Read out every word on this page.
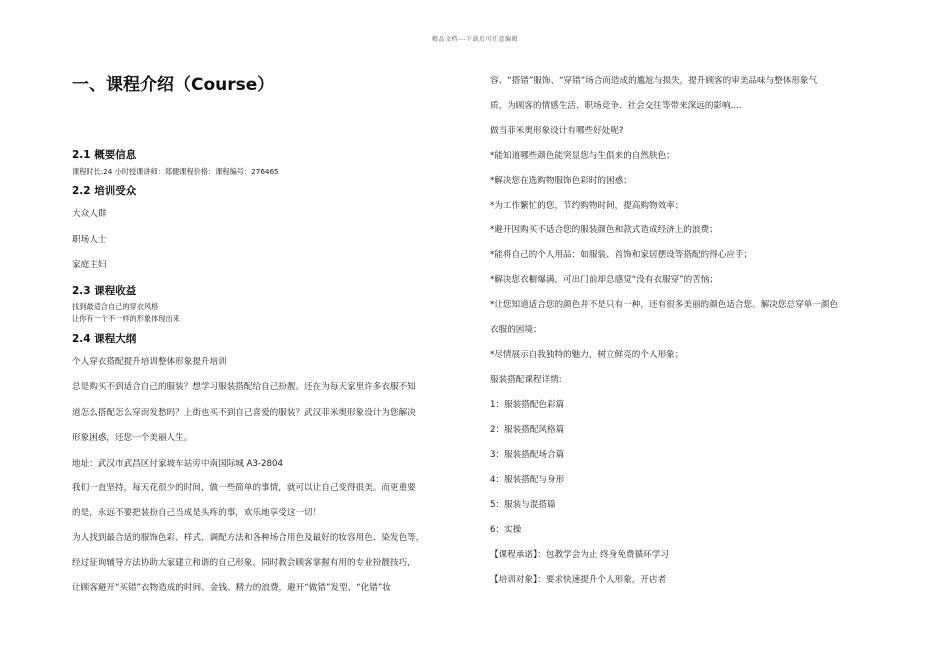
精品文档---下载后可任意编辑
一、课程介绍（Course）
2.1 概要信息
课程时长:24 小时授课讲师：郑健课程价格：课程编号：276465
2.2 培训受众
大众人群
职场人士
家庭主妇
2.3 课程收益
找到最适合自己的穿衣风格
让你有一个不一样的形象体现出来
2.4 课程大纲
个人穿衣搭配提升培训整体形象提升培训
总是购买不到适合自己的服装？想学习服装搭配给自己扮靓。还在为每天家里许多衣服不知
道怎么搭配怎么穿而发愁吗？上街也买不到自己喜爱的服装？武汉菲米奥形象设计为您解决
形象困惑，还您一个美丽人生。
地址：武汉市武昌区付家坡车站旁中南国际城 A3-2804
我们一直坚持，每天花很少的时间，做一些简单的事情，就可以让自己变得很美。而更重要
的是，永远不要把装扮自己当成是头疼的事，欢乐地享受这一切！
为人找到最合适的服饰色彩、样式、调配方法和各种场合用色及最好的妆容用色、染发色等，
经过征询辅导方法协助大家建立和谐的自己形象。同时教会顾客掌握有用的专业扮靓技巧，
让顾客避开“买错”衣物造成的时间、金钱、精力的浪费，避开“做错”发型、“化错”妆
容、“搭错”服饰、“穿错”场合而造成的尴尬与损失，提升顾客的审美品味与整体形象气
质，为顾客的情感生活、职场竞争、社会交往等带来深远的影响....
做当菲米奥形象设计有哪些好处呢?
*能知道哪些颜色能突显您与生俱来的自然肤色；
*解决您在选购物服饰色彩时的困惑；
*为工作繁忙的您，节约购物时间，提高购物效率；
*避开因购买不适合您的服装颜色和款式造成经济上的浪费；
*能将自己的个人用品：如服装、首饰和家居摆设等搭配的得心应手；
*解决您衣橱爆满，可出门前却总感觉“没有衣服穿”的苦恼；
*让您知道适合您的颜色并不是只有一种，还有很多美丽的颜色适合您。解决您总穿单一颜色
衣服的困境；
*尽情展示自我独特的魅力，树立鲜亮的个人形象；
服装搭配课程详情:
1：服装搭配色彩篇
2：服装搭配风格篇
3：服装搭配场合篇
4：服装搭配与身形
5：服装与混搭篇
6：实操
【课程承诺】：包教学会为止 终身免费循环学习
【培训对象】：要求快速提升个人形象，开店者
